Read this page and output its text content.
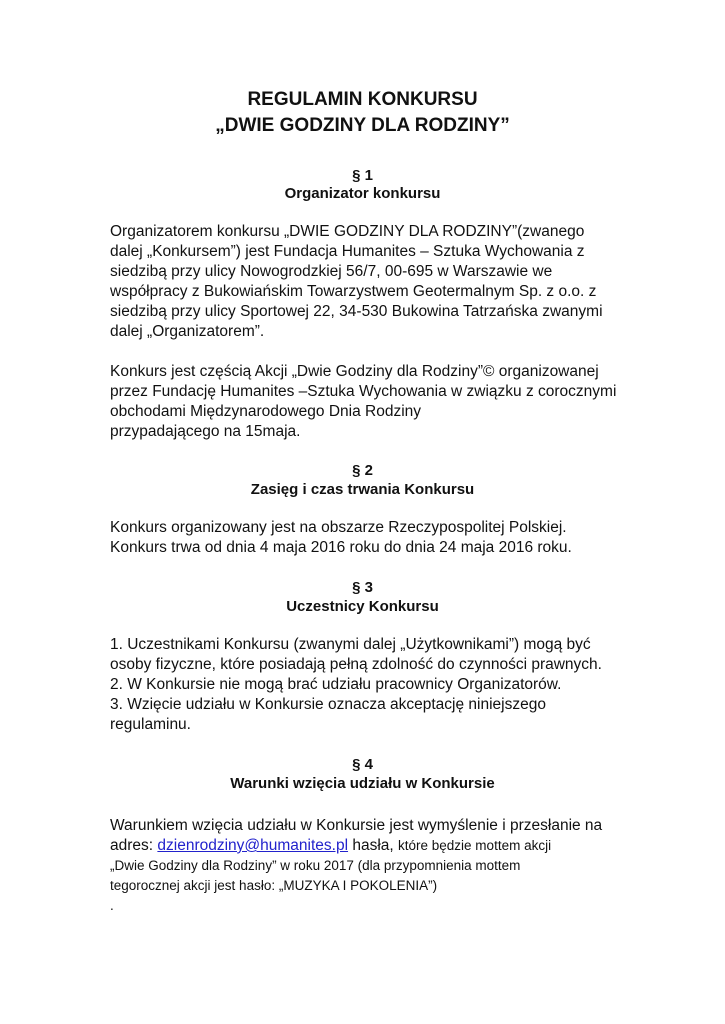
REGULAMIN KONKURSU
„DWIE GODZINY DLA RODZINY”
§ 1
Organizator konkursu
Organizatorem konkursu „DWIE GODZINY DLA RODZINY”(zwanego
dalej „Konkursem”) jest Fundacja Humanites – Sztuka Wychowania z
siedzibą przy ulicy Nowogrodzkiej 56/7, 00-695 w Warszawie we
współpracy z Bukowiańskim Towarzystwem Geotermalnym Sp. z o.o. z
siedzibą przy ulicy Sportowej 22, 34-530 Bukowina Tatrzańska zwanymi
dalej „Organizatorem”.
Konkurs jest częścią Akcji „Dwie Godziny dla Rodziny”© organizowanej
przez Fundację Humanites –Sztuka Wychowania w związku z corocznymi
obchodami Międzynarodowego Dnia Rodziny
przypadającego na 15maja.
§ 2
Zasięg i czas trwania Konkursu
Konkurs organizowany jest na obszarze Rzeczypospolitej Polskiej.
Konkurs trwa od dnia 4 maja 2016 roku do dnia 24 maja 2016 roku.
§ 3
Uczestnicy Konkursu
1. Uczestnikami Konkursu (zwanymi dalej „Użytkownikami”) mogą być
osoby fizyczne, które posiadają pełną zdolność do czynności prawnych.
2. W Konkursie nie mogą brać udziału pracownicy Organizatorów.
3. Wzięcie udziału w Konkursie oznacza akceptację niniejszego
regulaminu.
§ 4
Warunki wzięcia udziału w Konkursie
Warunkiem wzięcia udziału w Konkursie jest wymyślenie i przesłanie na
adres: dzienrodziny@humanites.pl hasła, które będzie mottem akcji
„Dwie Godziny dla Rodziny” w roku 2017 (dla przypomnienia mottem
tegorocznej akcji jest hasło: „MUZYKA I POKOLENIA”)
.
